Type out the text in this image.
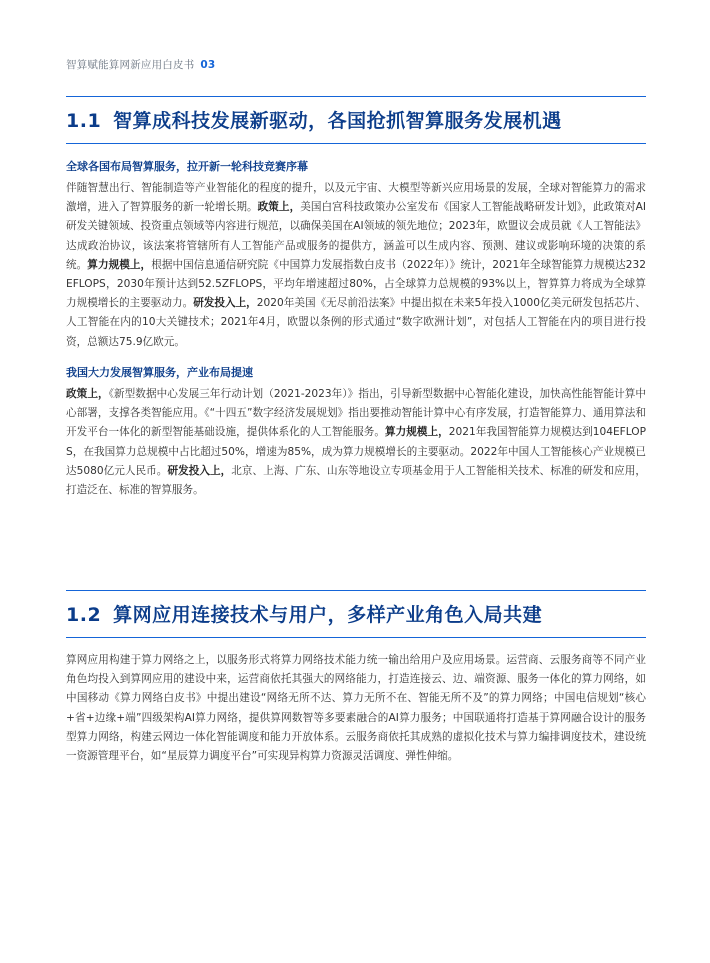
智算赋能算网新应用白皮书 03
1.1 智算成科技发展新驱动，各国抢抓智算服务发展机遇
全球各国布局智算服务，拉开新一轮科技竞赛序幕

伴随智慧出行、智能制造等产业智能化的程度的提升，以及元宇宙、大模型等新兴应用场景的发展，全球对智能算力的需求激增，进入了智算服务的新一轮增长期。政策上，美国白宫科技政策办公室发布《国家人工智能战略研发计划》，此政策对AI研发关键领域、投资重点领域等内容进行规范，以确保美国在AI领域的领先地位；2023年，欧盟议会成员就《人工智能法》达成政治协议，该法案将管辖所有人工智能产品或服务的提供方，涵盖可以生成内容、预测、建议或影响环境的决策的系统。算力规模上，根据中国信息通信研究院《中国算力发展指数白皮书（2022年）》统计，2021年全球智能算力规模达232EFLOPS，2030年预计达到52.5ZFLOPS，平均年增速超过80%，占全球算力总规模的93%以上，智算算力将成为全球算力规模增长的主要驱动力。研发投入上，2020年美国《无尽前沿法案》中提出拟在未来5年投入1000亿美元研发包括芯片、人工智能在内的10大关键技术；2021年4月，欧盟以条例的形式通过“数字欧洲计划”，对包括人工智能在内的项目进行投资，总额达75.9亿欧元。

我国大力发展智算服务，产业布局提速

政策上，《新型数据中心发展三年行动计划（2021-2023年）》指出，引导新型数据中心智能化建设，加快高性能智能计算中心部署，支撑各类智能应用。《“十四五”数字经济发展规划》指出要推动智能计算中心有序发展，打造智能算力、通用算法和开发平台一体化的新型智能基础设施，提供体系化的人工智能服务。算力规模上，2021年我国智能算力规模达到104EFLOPS，在我国算力总规模中占比超过50%，增速为85%，成为算力规模增长的主要驱动。2022年中国人工智能核心产业规模已达5080亿元人民币。研发投入上，北京、上海、广东、山东等地设立专项基金用于人工智能相关技术、标准的研发和应用，打造泛在、标准的智算服务。

1.2 算网应用连接技术与用户，多样产业角色入局共建

算网应用构建于算力网络之上，以服务形式将算力网络技术能力统一输出给用户及应用场景。运营商、云服务商等不同产业角色均投入到算网应用的建设中来，运营商依托其强大的网络能力，打造连接云、边、端资源、服务一体化的算力网络，如中国移动《算力网络白皮书》中提出建设“网络无所不达、算力无所不在、智能无所不及”的算力网络；中国电信规划“核心+省+边缘+端”四级架构AI算力网络，提供算网数智等多要素融合的AI算力服务；中国联通将打造基于算网融合设计的服务型算力网络，构建云网边一体化智能调度和能力开放体系。云服务商依托其成熟的虚拟化技术与算力编排调度技术，建设统一资源管理平台，如“星辰算力调度平台”可实现异构算力资源灵活调度、弹性伸缩。
